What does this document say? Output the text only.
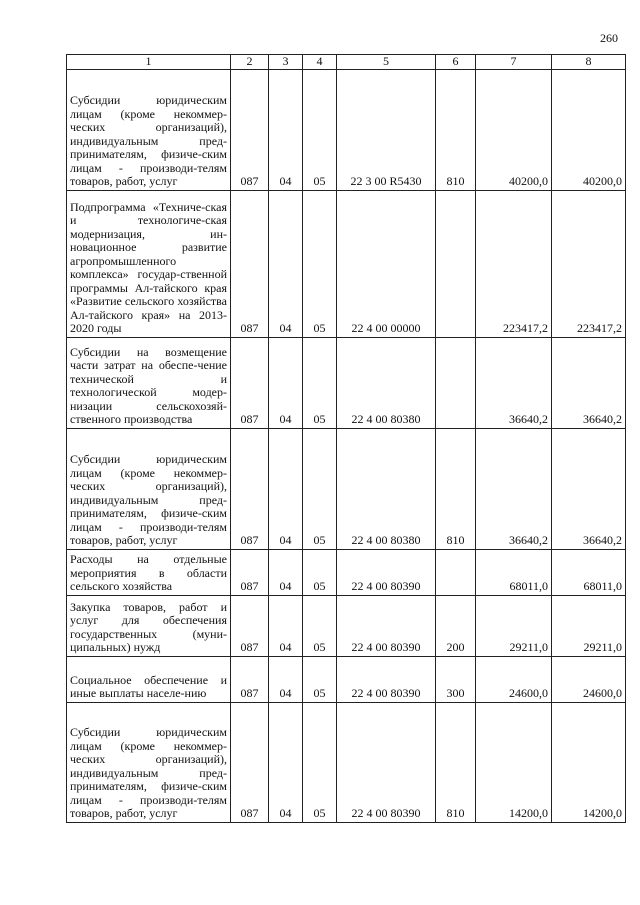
260
1	2	3	4	5	6	7	8
Субсидии юридическим лицам (кроме некоммер-ческих организаций), индивидуальным пред-принимателям, физиче-ским лицам - производи-телям товаров, работ, услуг	087	04	05	22 3 00 R5430	810	40200,0	40200,0
Подпрограмма «Техниче-ская и технологиче-ская модернизация, ин-новационное развитие агропромышленного комплекса» государ-ственной программы Ал-тайского края «Развитие сельского хозяйства Ал-тайского края» на 2013-2020 годы	087	04	05	22 4 00 00000		223417,2	223417,2
Субсидии на возмещение части затрат на обеспе-чение технической и технологической модер-низации сельскохозяй-ственного производства	087	04	05	22 4 00 80380		36640,2	36640,2
Субсидии юридическим лицам (кроме некоммер-ческих организаций), индивидуальным пред-принимателям, физиче-ским лицам - производи-телям товаров, работ, услуг	087	04	05	22 4 00 80380	810	36640,2	36640,2
Расходы на отдельные мероприятия в области сельского хозяйства	087	04	05	22 4 00 80390		68011,0	68011,0
Закупка товаров, работ и услуг для обеспечения государственных (муни-ципальных) нужд	087	04	05	22 4 00 80390	200	29211,0	29211,0
Социальное обеспечение и иные выплаты населе-нию	087	04	05	22 4 00 80390	300	24600,0	24600,0
Субсидии юридическим лицам (кроме некоммер-ческих организаций), индивидуальным пред-принимателям, физиче-ским лицам - производи-телям товаров, работ, услуг	087	04	05	22 4 00 80390	810	14200,0	14200,0
